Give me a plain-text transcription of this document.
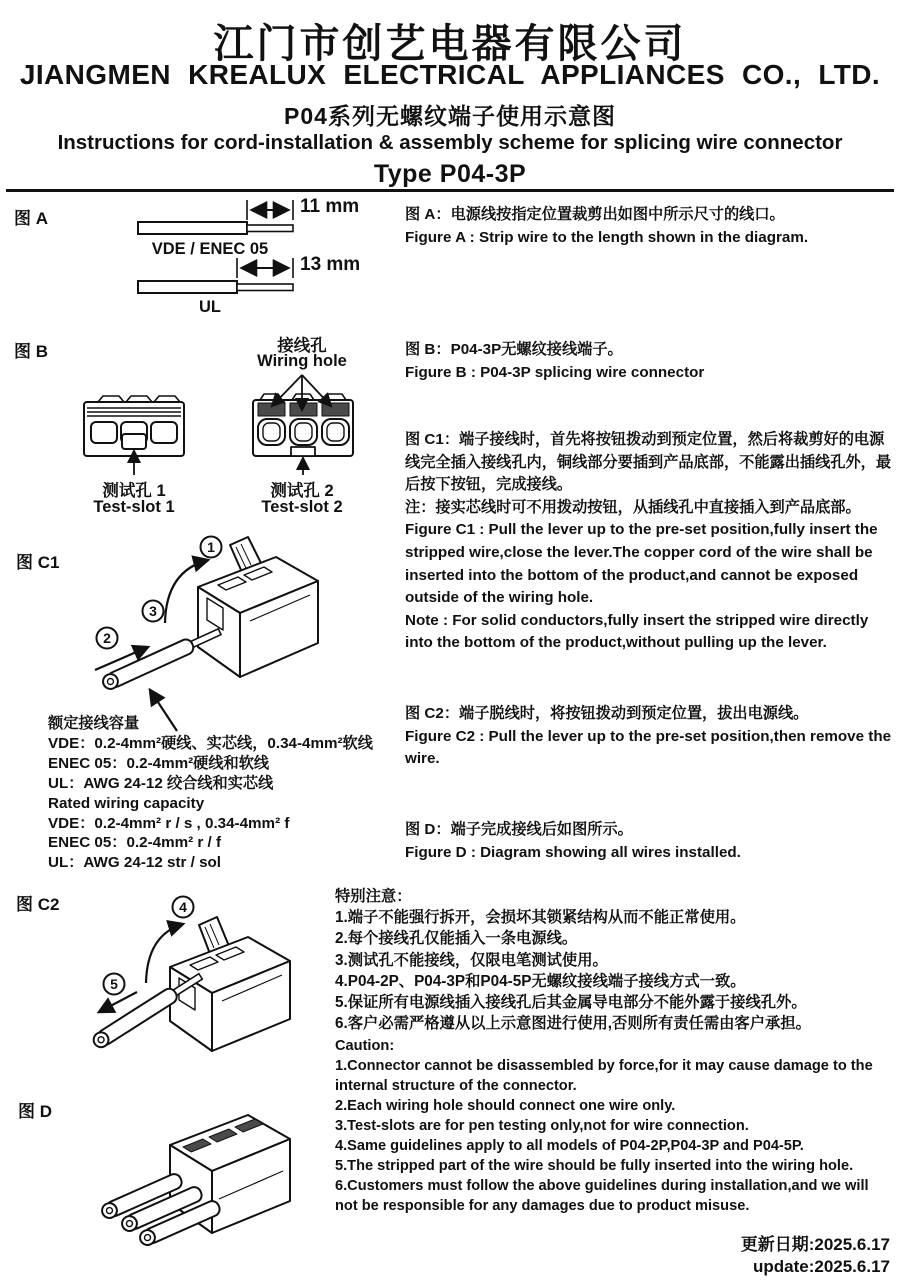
江门市创艺电器有限公司
JIANGMEN KREALUX ELECTRICAL APPLIANCES CO., LTD.
P04系列无螺纹端子使用示意图
Instructions for cord-installation & assembly scheme for splicing wire connector
Type P04-3P
图 A
11 mm
VDE / ENEC 05
13 mm
UL

图 A：电源线按指定位置裁剪出如图中所示尺寸的线口。

Figure A : Strip wire to the length shown in the diagram.

图 B	接线孔
Wiring hole
测试孔 1
Test-slot 1
测试孔 2
Test-slot 2

图 B：P04-3P无螺纹接线端子。

Figure B : P04-3P splicing wire connector

图 C1
1
2
3

图 C1：端子接线时，首先将按钮拨动到预定位置，然后将裁剪好的电源线完全插入接线孔内，铜线部分要插到产品底部，不能露出插线孔外，最后按下按钮，完成接线。

注：接实芯线时可不用拨动按钮，从插线孔中直接插入到产品底部。

Figure C1 : Pull the lever up to the pre-set position,fully insert the stripped wire,close the lever.The copper cord of the wire shall be inserted into the bottom of the product,and cannot be exposed outside of the wiring hole.

Note : For solid conductors,fully insert the stripped wire directly into the bottom of the product,without pulling up the lever.

额定接线容量
VDE：0.2-4mm²硬线、实芯线，0.34-4mm²软线
ENEC 05：0.2-4mm²硬线和软线
UL：AWG 24-12 绞合线和实芯线
Rated wiring capacity
VDE：0.2-4mm² r / s , 0.34-4mm² f
ENEC 05：0.2-4mm² r / f
UL：AWG 24-12 str / sol

图 C2：端子脱线时，将按钮拨动到预定位置，拔出电源线。

Figure C2 : Pull the lever up to the pre-set position,then remove the wire.

图 D：端子完成接线后如图所示。

Figure D : Diagram showing all wires installed.

图 C2	4
5
特别注意：
1.端子不能强行拆开，会损坏其锁紧结构从而不能正常使用。
2.每个接线孔仅能插入一条电源线。
3.测试孔不能接线，仅限电笔测试使用。
4.P04-2P、P04-3P和P04-5P无螺纹接线端子接线方式一致。
5.保证所有电源线插入接线孔后其金属导电部分不能外露于接线孔外。
6.客户必需严格遵从以上示意图进行使用,否则所有责任需由客户承担。
Caution:
1.Connector cannot be disassembled by force,for it may cause damage to the internal structure of the connector.
2.Each wiring hole should connect one wire only.
3.Test-slots are for pen testing only,not for wire connection.
4.Same guidelines apply to all models of P04-2P,P04-3P and P04-5P.
5.The stripped part of the wire should be fully inserted into the wiring hole.
6.Customers must follow the above guidelines during installation,and we will not be responsible for any damages due to product misuse.
图 D
更新日期:2025.6.17
update:2025.6.17
